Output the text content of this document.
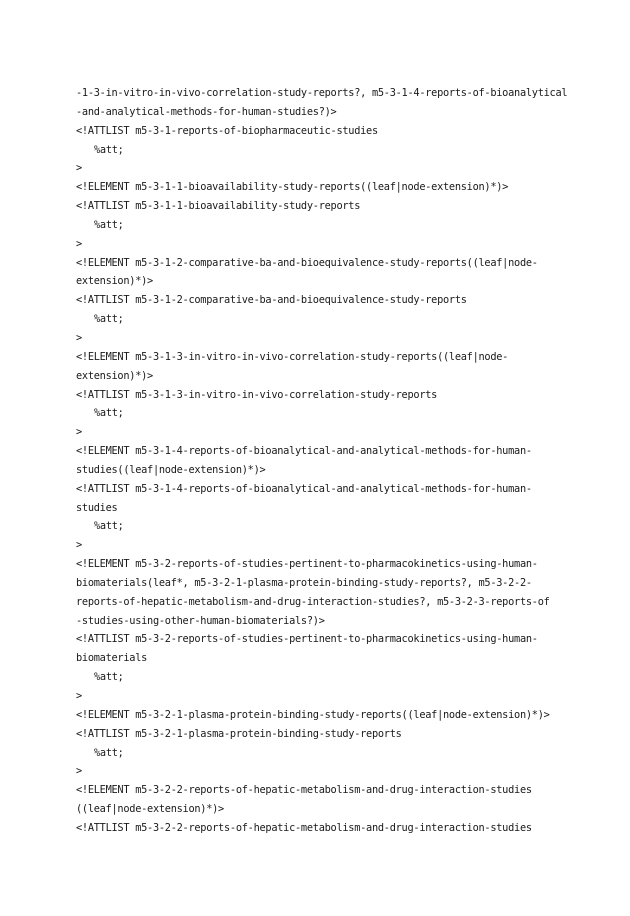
-1-3-in-vitro-in-vivo-correlation-study-reports?, m5-3-1-4-reports-of-bioanalytical
-and-analytical-methods-for-human-studies?)>
<!ATTLIST m5-3-1-reports-of-biopharmaceutic-studies
%att;
>
<!ELEMENT m5-3-1-1-bioavailability-study-reports((leaf|node-extension)*)>
<!ATTLIST m5-3-1-1-bioavailability-study-reports
%att;
>
<!ELEMENT m5-3-1-2-comparative-ba-and-bioequivalence-study-reports((leaf|node-
extension)*)>
<!ATTLIST m5-3-1-2-comparative-ba-and-bioequivalence-study-reports
%att;
>
<!ELEMENT m5-3-1-3-in-vitro-in-vivo-correlation-study-reports((leaf|node-
extension)*)>
<!ATTLIST m5-3-1-3-in-vitro-in-vivo-correlation-study-reports
%att;
>
<!ELEMENT m5-3-1-4-reports-of-bioanalytical-and-analytical-methods-for-human-
studies((leaf|node-extension)*)>
<!ATTLIST m5-3-1-4-reports-of-bioanalytical-and-analytical-methods-for-human-
studies
%att;
>
<!ELEMENT m5-3-2-reports-of-studies-pertinent-to-pharmacokinetics-using-human-
biomaterials(leaf*, m5-3-2-1-plasma-protein-binding-study-reports?, m5-3-2-2-
reports-of-hepatic-metabolism-and-drug-interaction-studies?, m5-3-2-3-reports-of
-studies-using-other-human-biomaterials?)>
<!ATTLIST m5-3-2-reports-of-studies-pertinent-to-pharmacokinetics-using-human-
biomaterials
%att;
>
<!ELEMENT m5-3-2-1-plasma-protein-binding-study-reports((leaf|node-extension)*)>
<!ATTLIST m5-3-2-1-plasma-protein-binding-study-reports
%att;
>
<!ELEMENT m5-3-2-2-reports-of-hepatic-metabolism-and-drug-interaction-studies
((leaf|node-extension)*)>
<!ATTLIST m5-3-2-2-reports-of-hepatic-metabolism-and-drug-interaction-studies
